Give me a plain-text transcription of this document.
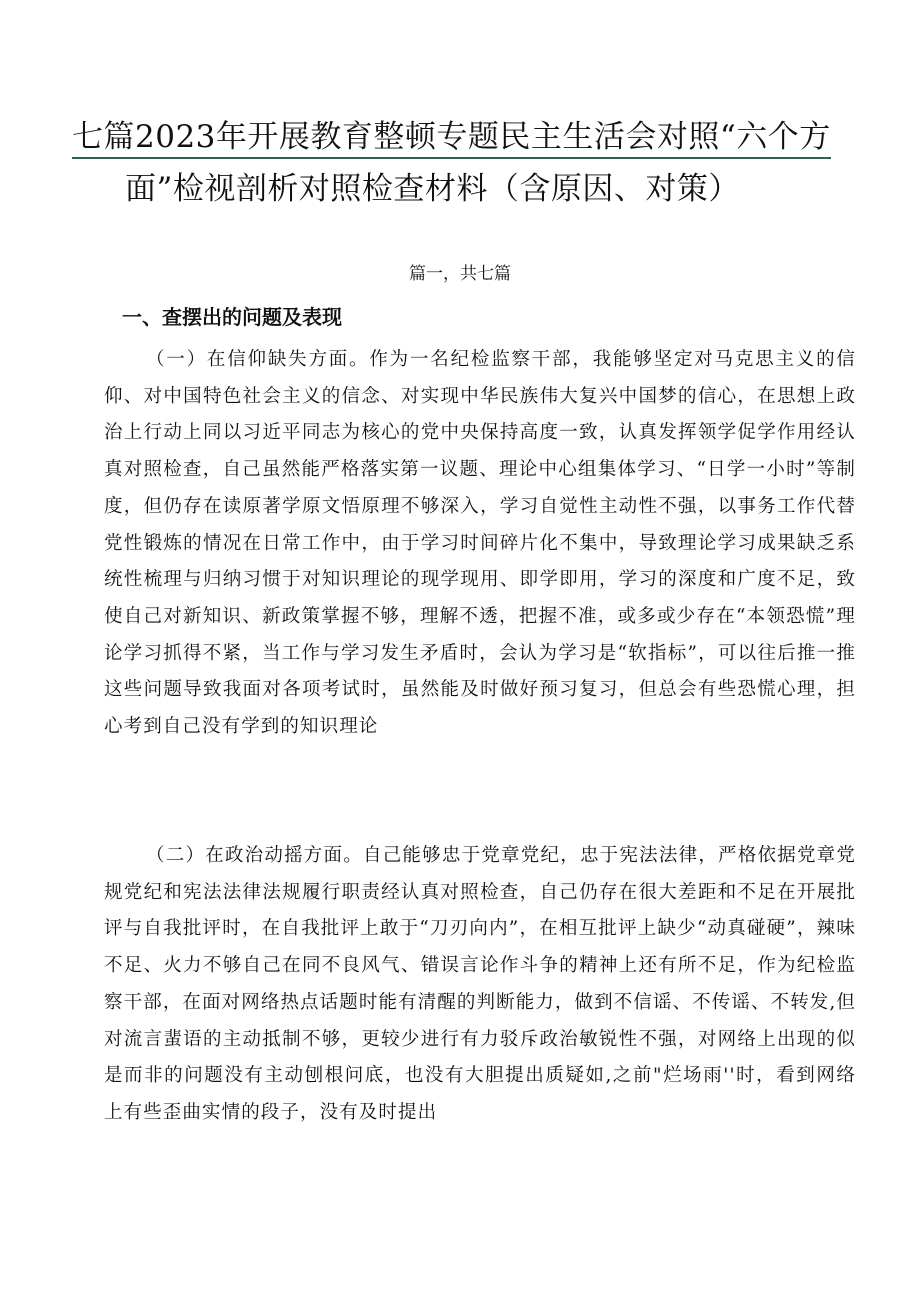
七篇2023年开展教育整顿专题民主生活会对照“六个方
面”检视剖析对照检查材料（含原因、对策）
篇一，共七篇
一、查摆出的问题及表现

（一）在信仰缺失方面。作为一名纪检监察干部，我能够坚定对马克思主义的信仰、对中国特色社会主义的信念、对实现中华民族伟大复兴中国梦的信心，在思想上政治上行动上同以习近平同志为核心的党中央保持高度一致，认真发挥领学促学作用经认真对照检查，自己虽然能严格落实第一议题、理论中心组集体学习、“日学一小时”等制度，但仍存在读原著学原文悟原理不够深入，学习自觉性主动性不强，以事务工作代替党性锻炼的情况在日常工作中，由于学习时间碎片化不集中，导致理论学习成果缺乏系统性梳理与归纳习惯于对知识理论的现学现用、即学即用，学习的深度和广度不足，致使自己对新知识、新政策掌握不够，理解不透，把握不准，或多或少存在“本领恐慌”理论学习抓得不紧，当工作与学习发生矛盾时，会认为学习是“软指标”，可以往后推一推这些问题导致我面对各项考试时，虽然能及时做好预习复习，但总会有些恐慌心理，担心考到自己没有学到的知识理论

（二）在政治动摇方面。自己能够忠于党章党纪，忠于宪法法律，严格依据党章党规党纪和宪法法律法规履行职责经认真对照检查，自己仍存在很大差距和不足在开展批评与自我批评时，在自我批评上敢于“刀刃向内”，在相互批评上缺少“动真碰硬”，辣味不足、火力不够自己在同不良风气、错误言论作斗争的精神上还有所不足，作为纪检监察干部，在面对网络热点话题时能有清醒的判断能力，做到不信谣、不传谣、不转发,但对流言蜚语的主动抵制不够，更较少进行有力驳斥政治敏锐性不强，对网络上出现的似是而非的问题没有主动刨根问底，也没有大胆提出质疑如,之前"烂场雨''时，看到网络上有些歪曲实情的段子，没有及时提出
